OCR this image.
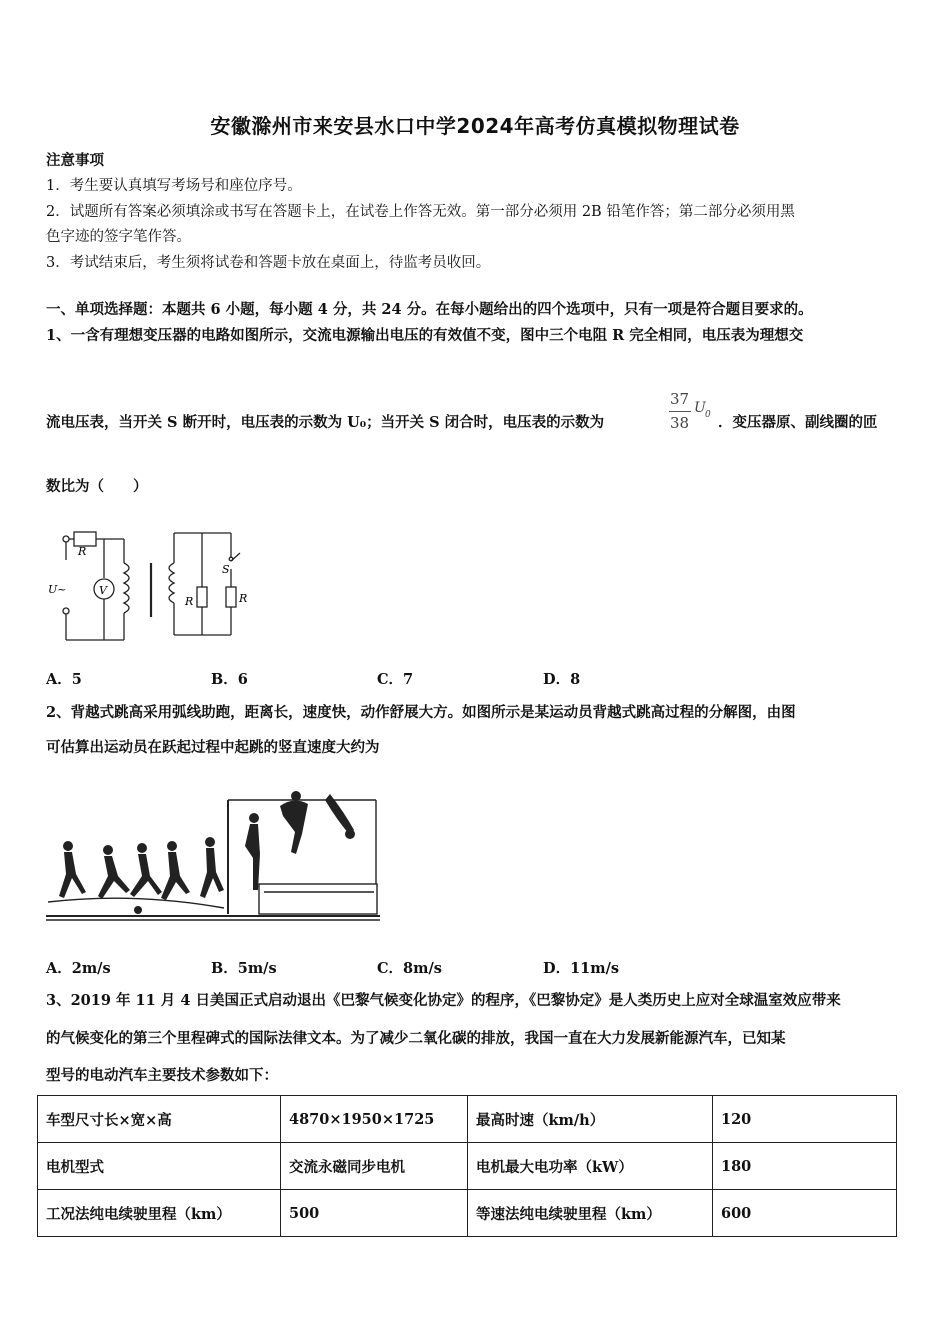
安徽滁州市来安县水口中学2024年高考仿真模拟物理试卷
注意事项
1．考生要认真填写考场号和座位序号。
2．试题所有答案必须填涂或书写在答题卡上，在试卷上作答无效。第一部分必须用 2B 铅笔作答；第二部分必须用黑
色字迹的签字笔作答。
3．考试结束后，考生须将试卷和答题卡放在桌面上，待监考员收回。
一、单项选择题：本题共 6 小题，每小题 4 分，共 24 分。在每小题给出的四个选项中，只有一项是符合题目要求的。
1、一含有理想变压器的电路如图所示，交流电源输出电压的有效值不变，图中三个电阻 R 完全相同，电压表为理想交
流电压表，当开关 S 断开时，电压表的示数为 U₀；当开关 S 闭合时，电压表的示数为
37
38
U 0 ．变压器原、副线圈的匝
数比为（　　）
R
U~	V
S
R	R
A．5	B．6	C．7	D．8
2、背越式跳高采用弧线助跑，距离长，速度快，动作舒展大方。如图所示是某运动员背越式跳高过程的分解图，由图
可估算出运动员在跃起过程中起跳的竖直速度大约为
A．2m/s	B．5m/s	C．8m/s	D．11m/s
3、2019 年 11 月 4 日美国正式启动退出《巴黎气候变化协定》的程序，《巴黎协定》是人类历史上应对全球温室效应带来
的气候变化的第三个里程碑式的国际法律文本。为了减少二氧化碳的排放，我国一直在大力发展新能源汽车，已知某
型号的电动汽车主要技术参数如下：
车型尺寸长×宽×高	4870×1950×1725	最高时速（km/h）	120
电机型式	交流永磁同步电机	电机最大电功率（kW）	180
工况法纯电续驶里程（km）	500	等速法纯电续驶里程（km）	600
